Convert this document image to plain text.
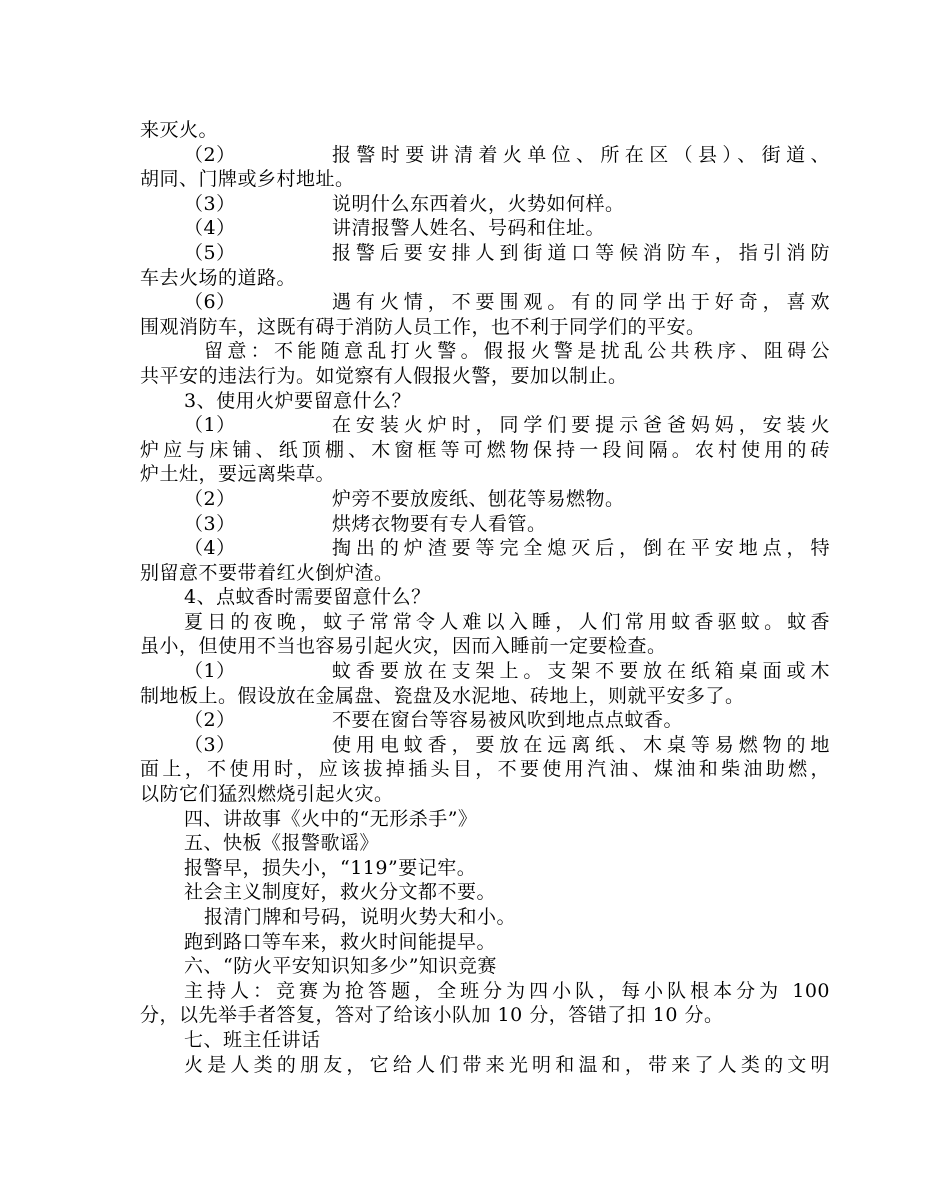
来灭火。
（2）	报警时要讲清着火单位、所在区（县）、街道、
胡同、门牌或乡村地址。
（3）	说明什么东西着火，火势如何样。
（4）	讲清报警人姓名、号码和住址。
（5）	报警后要安排人到街道口等候消防车，指引消防
车去火场的道路。
（6）	遇有火情，不要围观。有的同学出于好奇，喜欢
围观消防车，这既有碍于消防人员工作，也不利于同学们的平安。
留意：不能随意乱打火警。假报火警是扰乱公共秩序、阻碍公
共平安的违法行为。如觉察有人假报火警，要加以制止。
3、使用火炉要留意什么？
（1）	在安装火炉时，同学们要提示爸爸妈妈，安装火
炉应与床铺、纸顶棚、木窗框等可燃物保持一段间隔。农村使用的砖
炉土灶，要远离柴草。
（2）	炉旁不要放废纸、刨花等易燃物。
（3）	烘烤衣物要有专人看管。
（4）	掏出的炉渣要等完全熄灭后，倒在平安地点，特
别留意不要带着红火倒炉渣。
4、点蚊香时需要留意什么？
夏日的夜晚，蚊子常常令人难以入睡，人们常用蚊香驱蚊。蚊香
虽小，但使用不当也容易引起火灾，因而入睡前一定要检查。
（1）	蚊香要放在支架上。支架不要放在纸箱桌面或木
制地板上。假设放在金属盘、瓷盘及水泥地、砖地上，则就平安多了。
（2）	不要在窗台等容易被风吹到地点点蚊香。
（3）	使用电蚊香，要放在远离纸、木桌等易燃物的地
面上，不使用时，应该拔掉插头目，不要使用汽油、煤油和柴油助燃，
以防它们猛烈燃烧引起火灾。
四、讲故事《火中的“无形杀手”》
五、快板《报警歌谣》
报警早，损失小，“119”要记牢。
社会主义制度好，救火分文都不要。
报清门牌和号码，说明火势大和小。
跑到路口等车来，救火时间能提早。
六、“防火平安知识知多少”知识竞赛
主持人：竞赛为抢答题，全班分为四小队，每小队根本分为 100
分，以先举手者答复，答对了给该小队加 10 分，答错了扣 10 分。
七、班主任讲话
火是人类的朋友，它给人们带来光明和温和，带来了人类的文明
